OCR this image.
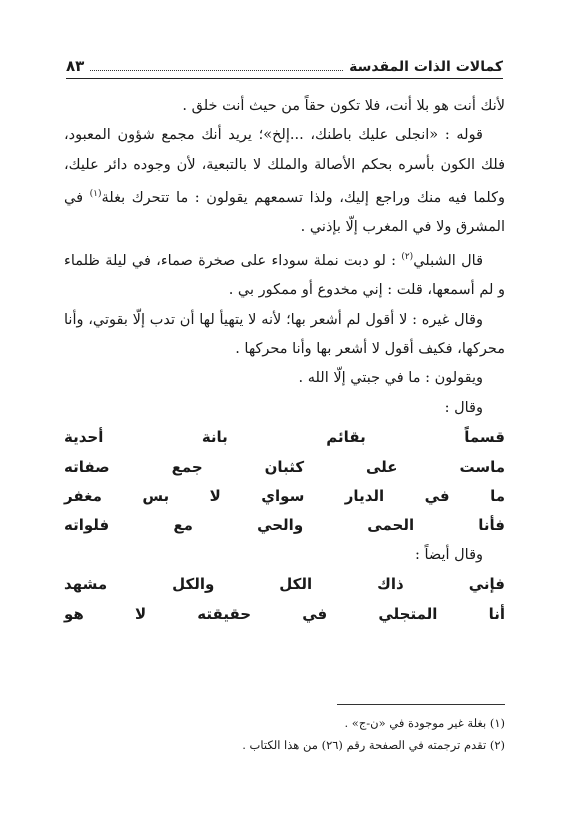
كمالات الذات المقدسة
٨٣

لأنك أنت هو بلا أنت، فلا تكون حقاً من حيث أنت خلق .

قوله : «انجلى عليك باطنك، ...إلخ»؛ يريد أنك مجمع شؤون المعبود، فلك الكون بأسره بحكم الأصالة والملك لا بالتبعية، لأن وجوده دائر عليك، وكلما فيه منك وراجع إليك، ولذا تسمعهم يقولون : ما تتحرك بغلة$^{(١)}$ في المشرق ولا في المغرب إلّا بإذني .

قال الشبلي$^{(٢)}$ : لو دبت نملة سوداء على صخرة صماء، في ليلة ظلماء و لم أسمعها، قلت : إني مخدوع أو ممكور بي .

وقال غيره : لا أقول لم أشعر بها؛ لأنه لا يتهيأ لها أن تدب إلّا بقوتي، وأنا محركها، فكيف أقول لا أشعر بها وأنا محركها .

ويقولون : ما في جبتي إلّا الله .

وقال :

قسماً بقائم بانة أحدية

ماست على كثبان جمع صفاته

ما في الديار سواي لا بس مغفر

فأنا الحمى والحي مع فلواته

وقال أيضاً :

فإني ذاك الكل والكل مشهد

أنا المتجلي في حقيقته لا هو

(١) بغلة غير موجودة في «ن-ج» .

(٢) تقدم ترجمته في الصفحة رقم (٢٦) من هذا الكتاب .
